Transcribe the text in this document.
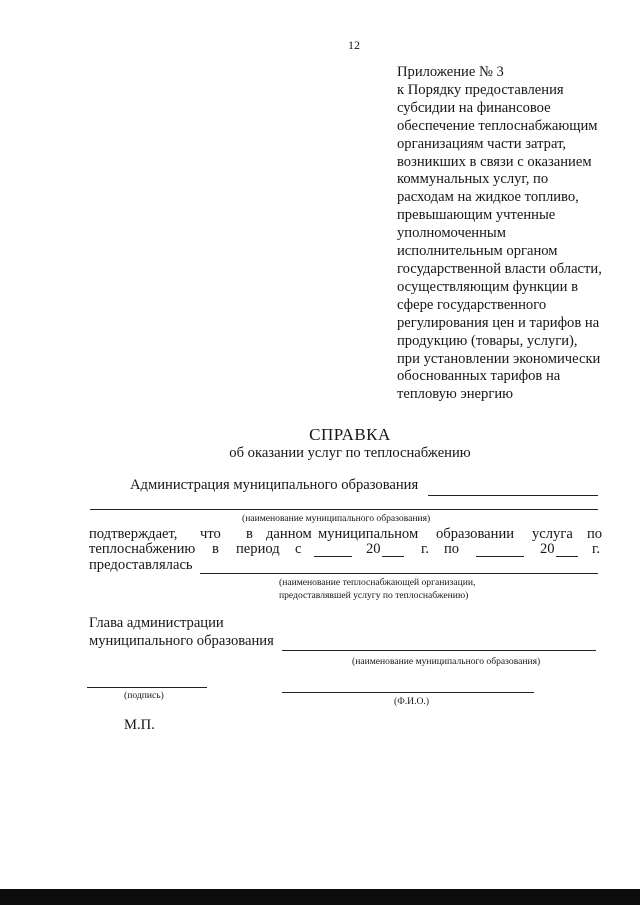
12
Приложение № 3
к Порядку предоставления
субсидии на финансовое
обеспечение теплоснабжающим
организациям части затрат,
возникших в связи с оказанием
коммунальных услуг, по
расходам на жидкое топливо,
превышающим учтенные
уполномоченным
исполнительным органом
государственной власти области,
осуществляющим функции в
сфере государственного
регулирования цен и тарифов на
продукцию (товары, услуги),
при установлении экономически
обоснованных тарифов на
тепловую энергию
СПРАВКА
об оказании услуг по теплоснабжению
Администрация муниципального образования
(наименование муниципального образования)
подтверждает, что в данном муниципальном образовании услуга по
теплоснабжению в период с	20	г. по	20	г.
предоставлялась
(наименование теплоснабжающей организации,
предоставлявшей услугу по теплоснабжению)
Глава администрации
муниципального образования
(наименование муниципального образования)
(подпись)
(Ф.И.О.)
М.П.
